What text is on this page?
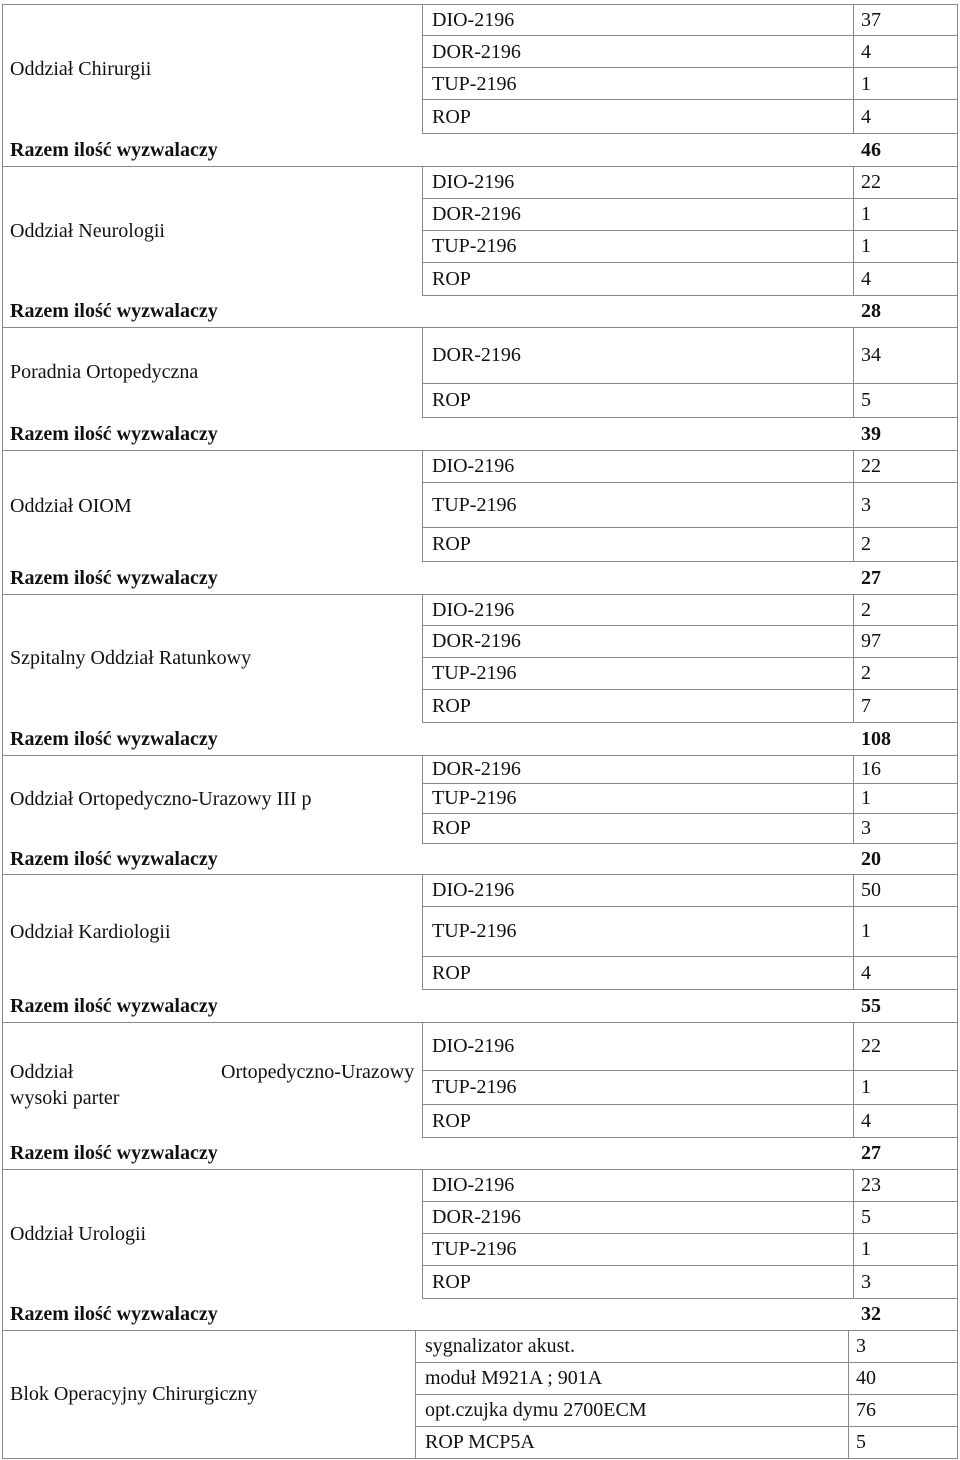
Oddział Chirurgii
DIO-2196	37
DOR-2196	4
TUP-2196	1
ROP	4
Razem ilość wyzwalaczy	46
Oddział Neurologii
DIO-2196	22
DOR-2196	1
TUP-2196	1
ROP	4
Razem ilość wyzwalaczy	28
Poradnia Ortopedyczna
DOR-2196	34
ROP	5
Razem ilość wyzwalaczy	39
Oddział OIOM
DIO-2196	22
TUP-2196	3
ROP	2
Razem ilość wyzwalaczy	27
Szpitalny Oddział Ratunkowy
DIO-2196	2
DOR-2196	97
TUP-2196	2
ROP	7
Razem ilość wyzwalaczy	108
Oddział Ortopedyczno-Urazowy III p
DOR-2196	16
TUP-2196	1
ROP	3
Razem ilość wyzwalaczy	20
Oddział Kardiologii
DIO-2196	50
TUP-2196	1
ROP	4
Razem ilość wyzwalaczy	55
Oddział	Ortopedyczno-Urazowy
wysoki parter
DIO-2196	22
TUP-2196	1
ROP	4
Razem ilość wyzwalaczy	27
Oddział Urologii
DIO-2196	23
DOR-2196	5
TUP-2196	1
ROP	3
Razem ilość wyzwalaczy	32
Blok Operacyjny Chirurgiczny
sygnalizator akust.	3
moduł M921A ; 901A	40
opt.czujka dymu 2700ECM	76
ROP MCP5A	5
